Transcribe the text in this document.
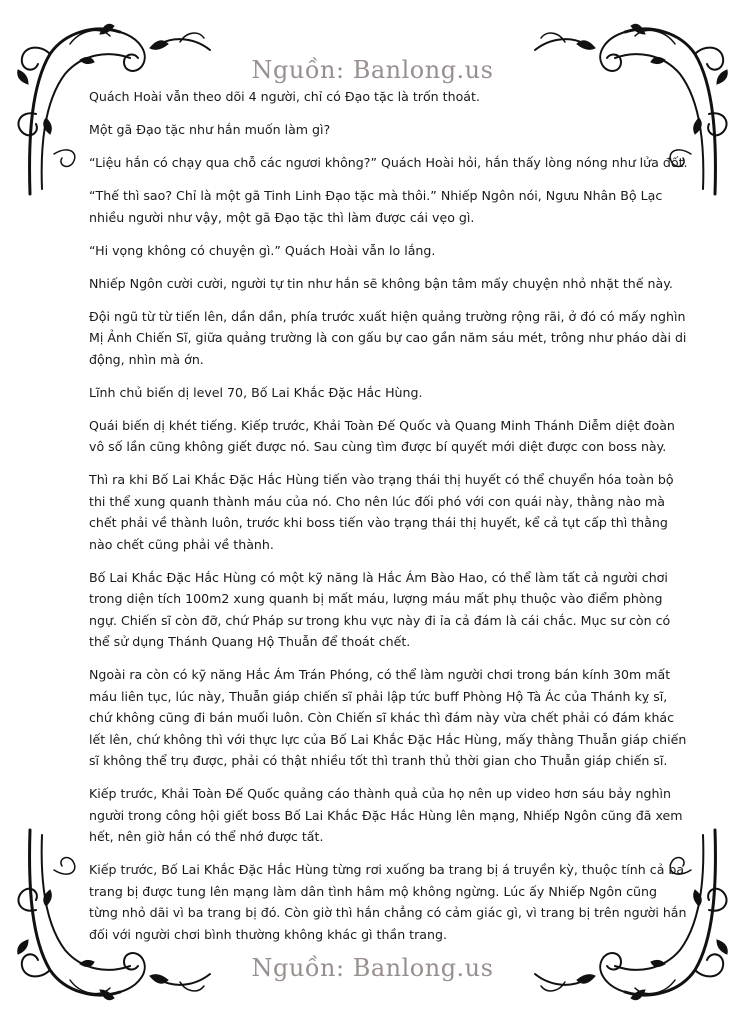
Nguồn: Banlong.us

Quách Hoài vẫn theo dõi 4 người, chỉ có Đạo tặc là trốn thoát.

Một gã Đạo tặc như hắn muốn làm gì?

“Liệu hắn có chạy qua chỗ các ngươi không?” Quách Hoài hỏi, hắn thấy lòng nóng như lửa đốt.

“Thế thì sao? Chỉ là một gã Tinh Linh Đạo tặc mà thôi.” Nhiếp Ngôn nói, Ngưu Nhân Bộ Lạc nhiều người như vậy, một gã Đạo tặc thì làm được cái vẹo gì.

“Hi vọng không có chuyện gì.” Quách Hoài vẫn lo lắng.

Nhiếp Ngôn cười cười, người tự tin như hắn sẽ không bận tâm mấy chuyện nhỏ nhặt thế này.

Đội ngũ từ từ tiến lên, dần dần, phía trước xuất hiện quảng trường rộng rãi, ở đó có mấy nghìn Mị Ảnh Chiến Sĩ, giữa quảng trường là con gấu bự cao gần năm sáu mét, trông như pháo dài di động, nhìn mà ớn.

Lĩnh chủ biến dị level 70, Bố Lai Khắc Đặc Hắc Hùng.

Quái biến dị khét tiếng. Kiếp trước, Khải Toàn Đế Quốc và Quang Minh Thánh Diễm diệt đoàn vô số lần cũng không giết được nó. Sau cùng tìm được bí quyết mới diệt được con boss này.

Thì ra khi Bố Lai Khắc Đặc Hắc Hùng tiến vào trạng thái thị huyết có thể chuyển hóa toàn bộ thi thể xung quanh thành máu của nó. Cho nên lúc đối phó với con quái này, thằng nào mà chết phải về thành luôn, trước khi boss tiến vào trạng thái thị huyết, kể cả tụt cấp thì thằng nào chết cũng phải về thành.

Bố Lai Khắc Đặc Hắc Hùng có một kỹ năng là Hắc Ám Bào Hao, có thể làm tất cả người chơi trong diện tích 100m2 xung quanh bị mất máu, lượng máu mất phụ thuộc vào điểm phòng ngự. Chiến sĩ còn đỡ, chứ Pháp sư trong khu vực này đi ỉa cả đám là cái chắc. Mục sư còn có thể sử dụng Thánh Quang Hộ Thuẫn để thoát chết.

Ngoài ra còn có kỹ năng Hắc Ám Trán Phóng, có thể làm người chơi trong bán kính 30m mất máu liên tục, lúc này, Thuẫn giáp chiến sĩ phải lập tức buff Phòng Hộ Tà Ác của Thánh kỵ sĩ, chứ không cũng đi bán muối luôn. Còn Chiến sĩ khác thì đám này vừa chết phải có đám khác lết lên, chứ không thì với thực lực của Bố Lai Khắc Đặc Hắc Hùng, mấy thằng Thuẫn giáp chiến sĩ không thể trụ được, phải có thật nhiều tốt thì tranh thủ thời gian cho Thuẫn giáp chiến sĩ.

Kiếp trước, Khải Toàn Đế Quốc quảng cáo thành quả của họ nên up video hơn sáu bảy nghìn người trong công hội giết boss Bố Lai Khắc Đặc Hắc Hùng lên mạng, Nhiếp Ngôn cũng đã xem hết, nên giờ hắn có thể nhớ được tất.

Kiếp trước, Bố Lai Khắc Đặc Hắc Hùng từng rơi xuống ba trang bị á truyền kỳ, thuộc tính cả ba trang bị được tung lên mạng làm dân tình hâm mộ không ngừng. Lúc ấy Nhiếp Ngôn cũng từng nhỏ dãi vì ba trang bị đó. Còn giờ thì hắn chẳng có cảm giác gì, vì trang bị trên người hắn đối với người chơi bình thường không khác gì thần trang.

Nguồn: Banlong.us
